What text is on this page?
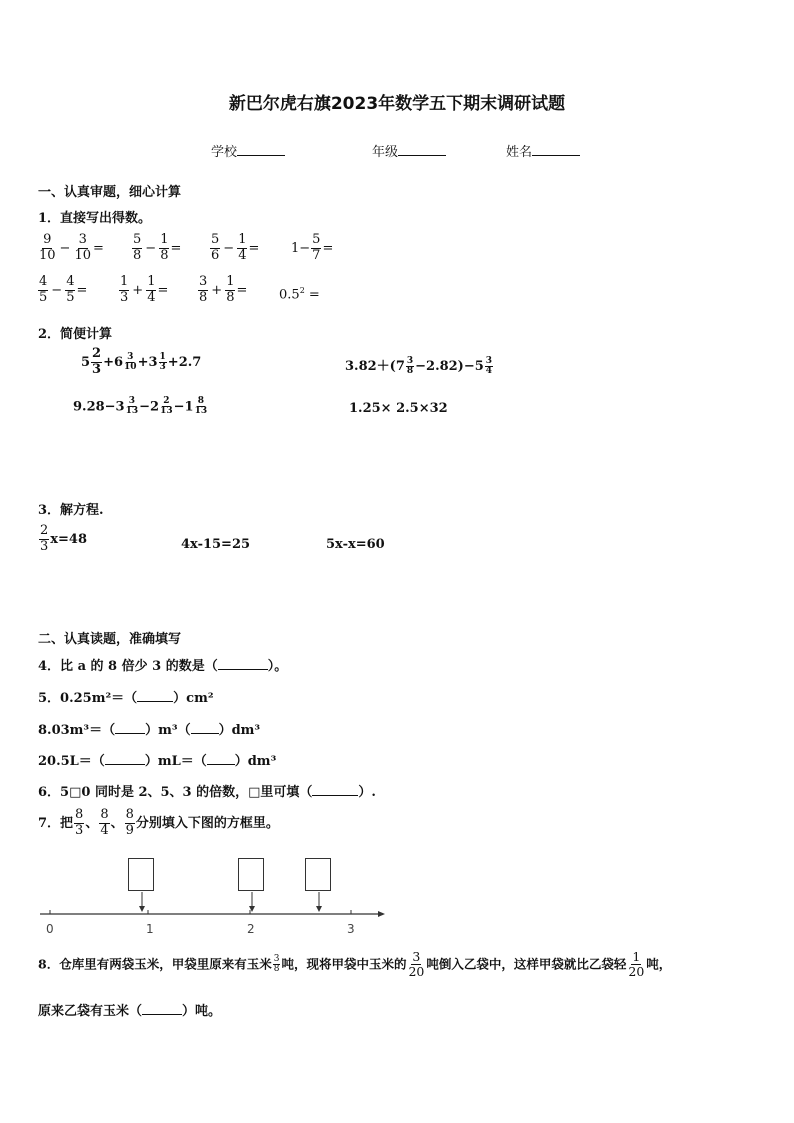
新巴尔虎右旗2023年数学五下期末调研试题
学校	年级	姓名
一、认真审题，细心计算
1．直接写出得数。
$\frac{9}{10} - \frac{3}{10} = \frac{5}{8} - \frac{1}{8} = \frac{5}{6} - \frac{1}{4} = 1- \frac{5}{7}$ =
$\frac{4}{5} - \frac{4}{5} = \frac{1}{3} + \frac{1}{4} = \frac{3}{8} + \frac{1}{8} = 0.5^2$ =
2．简便计算
$5 \frac{2}{3} +6 \frac{3}{10} +3 \frac{1}{3} +2.7$	$3.82+(7 \frac{3}{8} -2.82)-5 \frac{3}{4}$
$9.28-3 \frac{3}{13} -2 \frac{2}{13} -1 \frac{8}{13}$	1.25× 2.5×32
3．解方程.
$\frac{2}{3} x=48$	4x-15=25	5x-x=60
二、认真读题，准确填写
4．比 a 的 8 倍少 3 的数是（	）。
5．0.25m²＝（	）cm²
8.03m³＝（ ）m³（ ）dm³
20.5L＝（	）mL＝（ ）dm³
6．5□0 同时是 2、5、3 的倍数，□里可填（	）.
7．把 $\frac{8}{3}$ 、 $\frac{8}{4}$ 、 $\frac{8}{9}$ 分别填入下图的方框里。
0	1	2	3
8．仓库里有两袋玉米，甲袋里原来有玉米 $\frac{3}{8}$ 吨，现将甲袋中玉米的 $\frac{3}{20}$ 吨倒入乙袋中，这样甲袋就比乙袋轻 $\frac{1}{20}$ 吨，
原来乙袋有玉米（	）吨。
